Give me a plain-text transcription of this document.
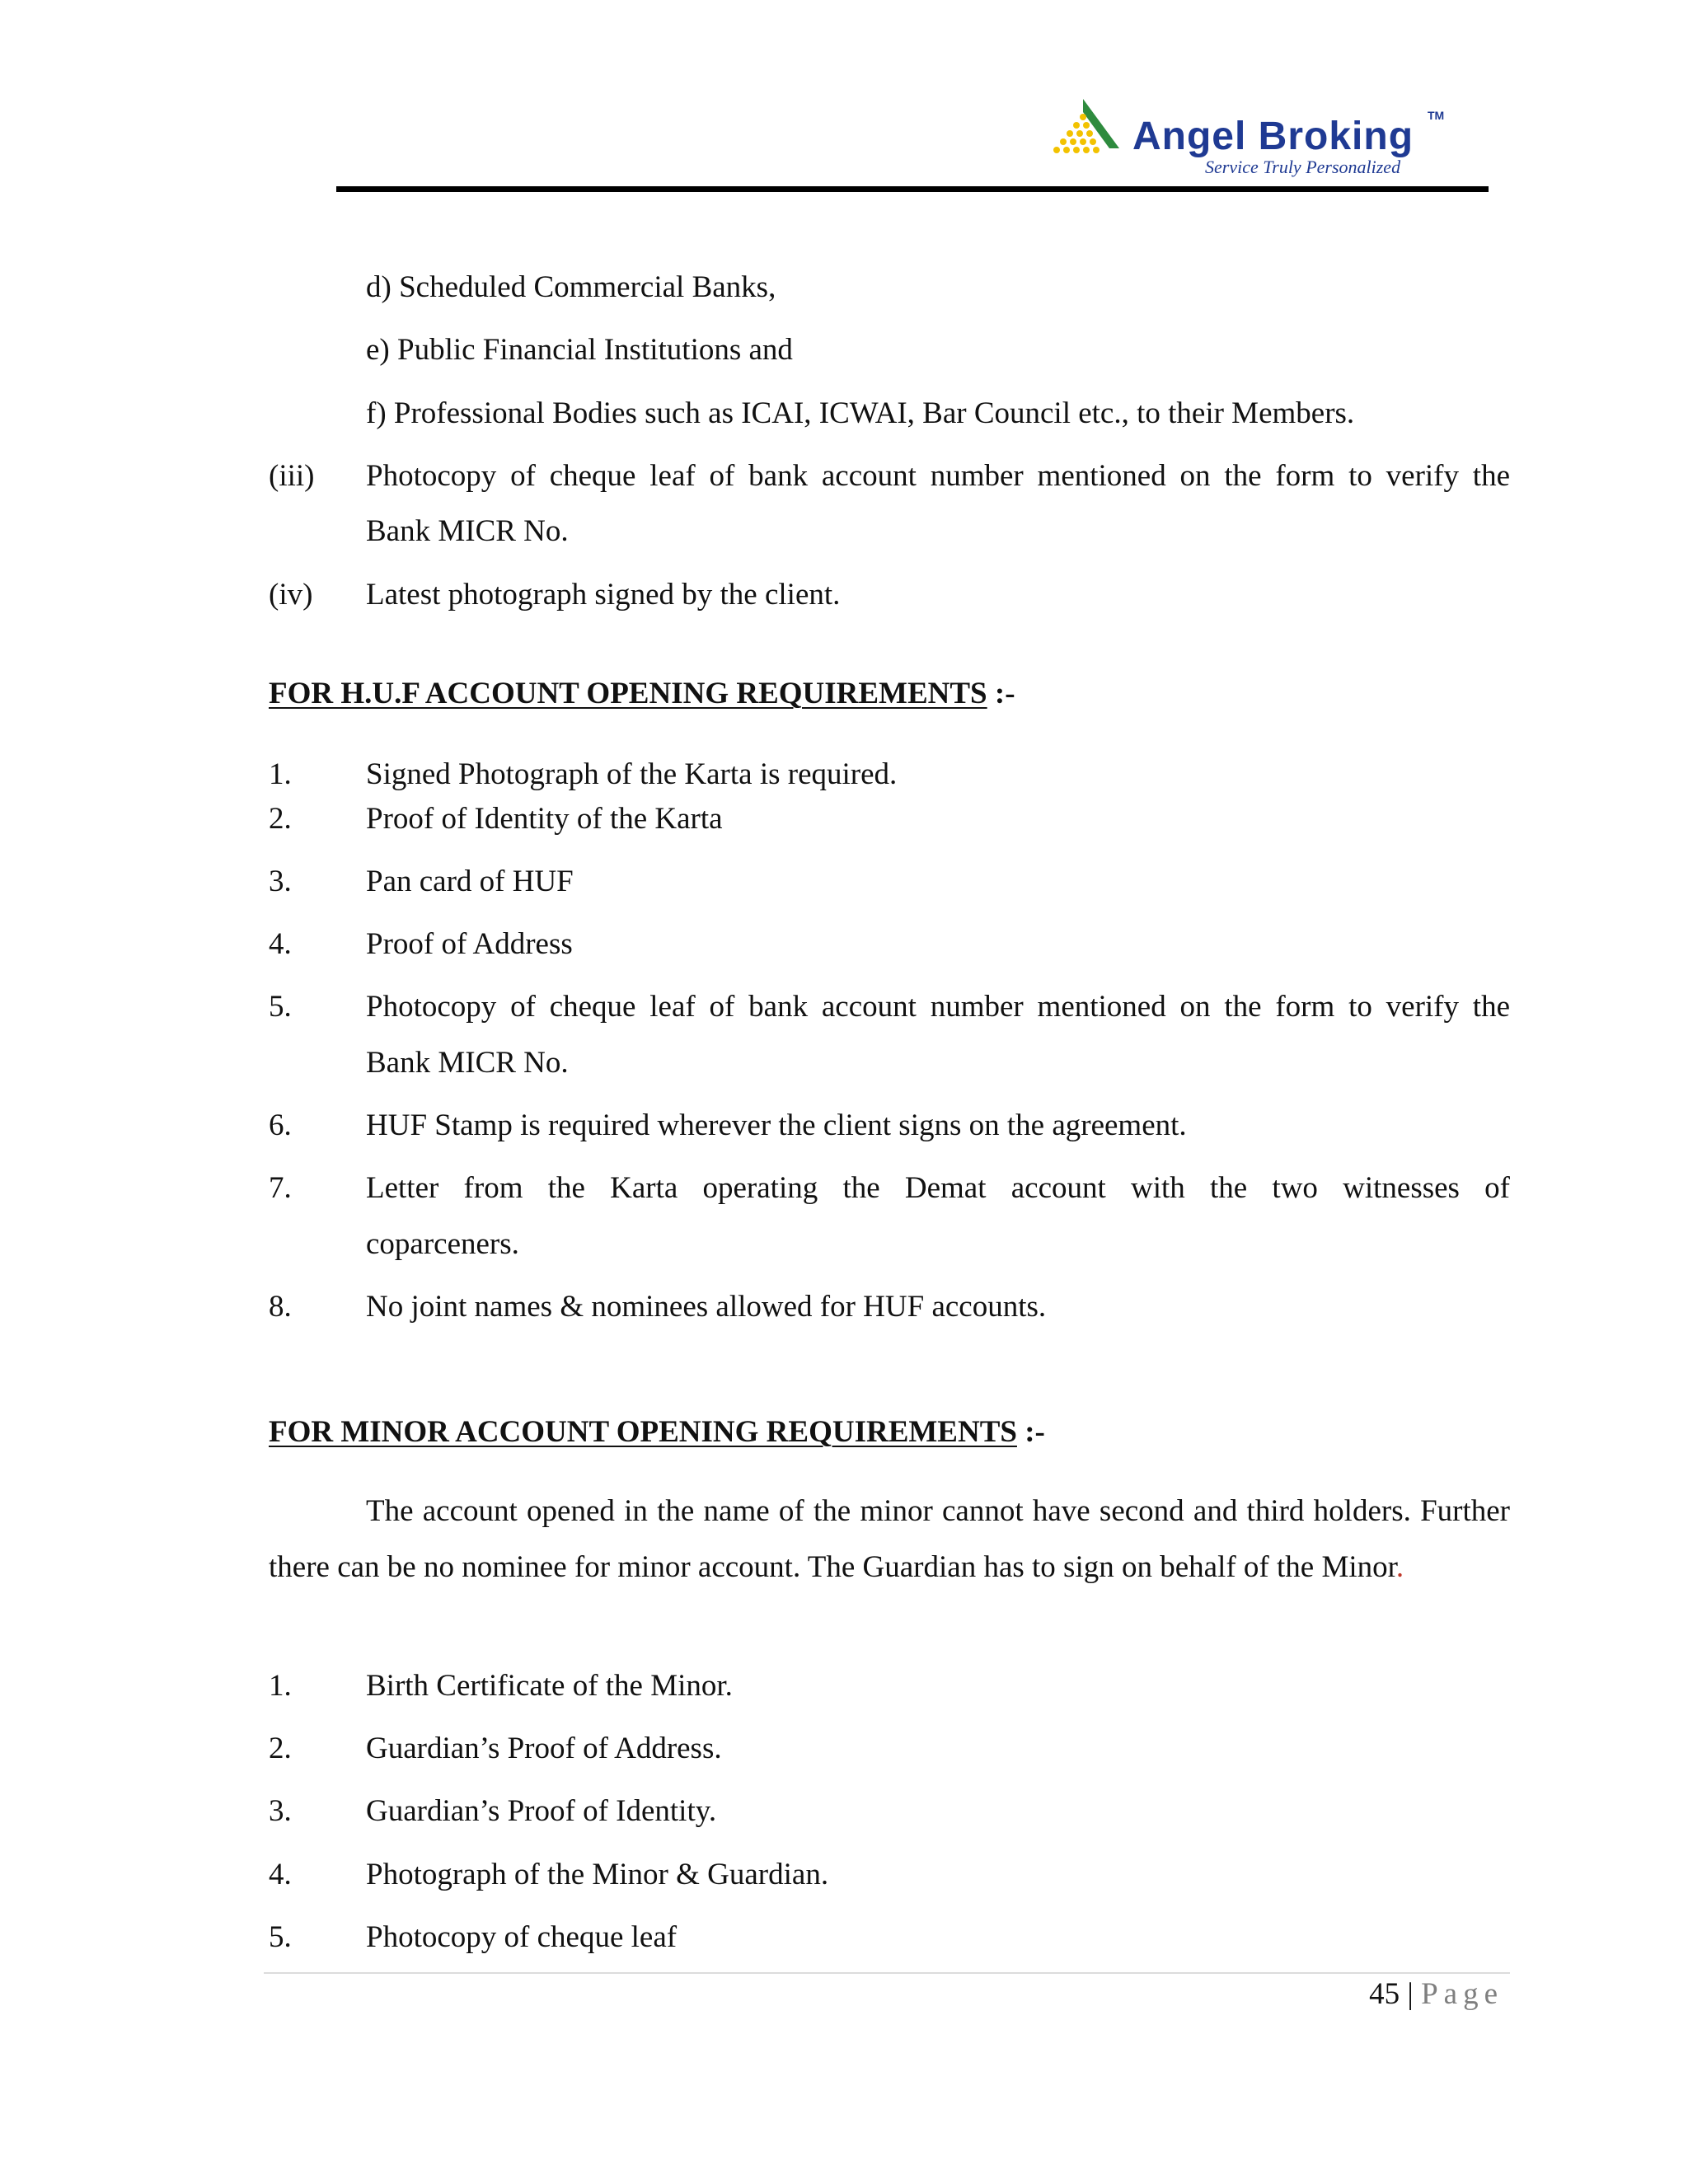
Angel Broking TM
Service Truly Personalized
d) Scheduled Commercial Banks,
e) Public Financial Institutions and
f) Professional Bodies such as ICAI, ICWAI, Bar Council etc., to their Members.
(iii) Photocopy of cheque leaf of bank account number mentioned on the form to verify the
Bank MICR No.
(iv) Latest photograph signed by the client.
FOR H.U.F ACCOUNT OPENING REQUIREMENTS :-
1. Signed Photograph of the Karta is required.
2. Proof of Identity of the Karta
3. Pan card of HUF
4. Proof of Address
5. Photocopy of cheque leaf of bank account number mentioned on the form to verify the
Bank MICR No.
6. HUF Stamp is required wherever the client signs on the agreement.
7. Letter from the Karta operating the Demat account with the two witnesses of
coparceners.
8. No joint names & nominees allowed for HUF accounts.
FOR MINOR ACCOUNT OPENING REQUIREMENTS :-
The account opened in the name of the minor cannot have second and third holders. Further there can be no nominee for minor account. The Guardian has to sign on behalf of the Minor.
1. Birth Certificate of the Minor.
2. Guardian’s Proof of Address.
3. Guardian’s Proof of Identity.
4. Photograph of the Minor & Guardian.
5. Photocopy of cheque leaf
45 | Page
